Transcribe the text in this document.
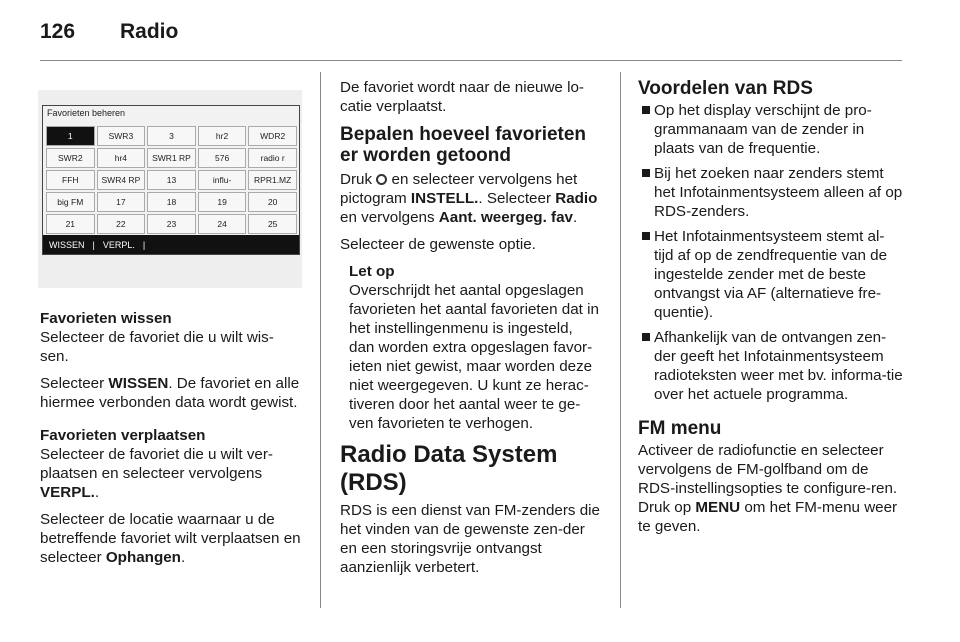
126 Radio
Favorieten beheren
1	SWR3	3	hr2	WDR2
SWR2	hr4	SWR1 RP	576	radio r
FFH	SWR4 RP	13	influ-	RPR1.MZ
big FM	17	18	19	20
21	22	23	24	25
WISSEN | VERPL. |

Favorieten wissen

Selecteer de favoriet die u wilt wis-sen.

Selecteer WISSEN. De favoriet en alle hiermee verbonden data wordt gewist.

Favorieten verplaatsen

Selecteer de favoriet die u wilt ver-plaatsen en selecteer vervolgens VERPL..

Selecteer de locatie waarnaar u de betreffende favoriet wilt verplaatsen en selecteer Ophangen.

De favoriet wordt naar de nieuwe lo-catie verplaatst.

Bepalen hoeveel favorieten er worden getoond

Druk  en selecteer vervolgens het pictogram INSTELL.. Selecteer Radio en vervolgens Aant. weergeg. fav.

Selecteer de gewenste optie.

Let op
Overschrijdt het aantal opgeslagen favorieten het aantal favorieten dat in het instellingenmenu is ingesteld, dan worden extra opgeslagen favor-ieten niet gewist, maar worden deze niet weergegeven. U kunt ze herac-tiveren door het aantal weer te ge-ven favorieten te verhogen.

Radio Data System (RDS)

RDS is een dienst van FM-zenders die het vinden van de gewenste zen-der en een storingsvrije ontvangst aanzienlijk verbetert.

Voordelen van RDS

Op het display verschijnt de pro-grammanaam van de zender in plaats van de frequentie.
Bij het zoeken naar zenders stemt het Infotainmentsysteem alleen af op RDS-zenders.
Het Infotainmentsysteem stemt al-tijd af op de zendfrequentie van de ingestelde zender met de beste ontvangst via AF (alternatieve fre-quentie).
Afhankelijk van de ontvangen zen-der geeft het Infotainmentsysteem radioteksten weer met bv. informa-tie over het actuele programma.

FM menu

Activeer de radiofunctie en selecteer vervolgens de FM-golfband om de RDS-instellingsopties te configure-ren. Druk op MENU om het FM-menu weer te geven.
